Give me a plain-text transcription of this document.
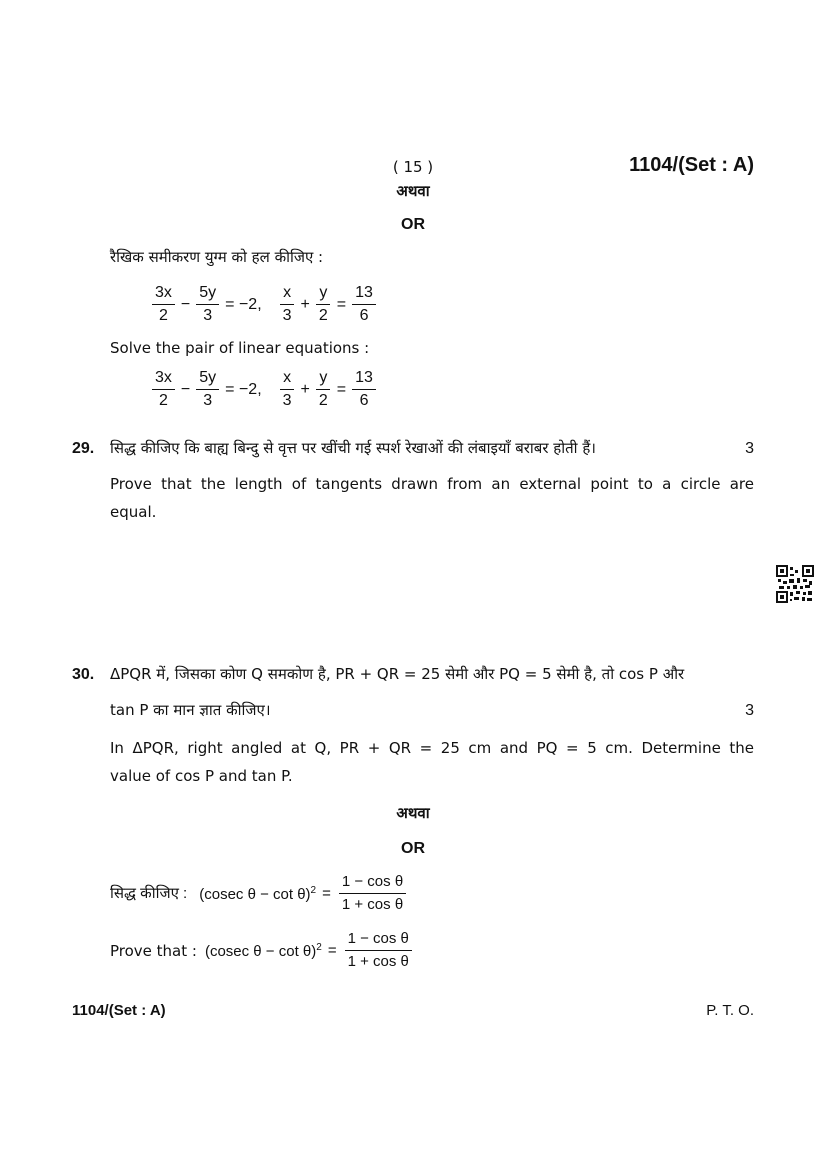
( 15 )	1104/(Set : A)
अथवा
OR
रैखिक समीकरण युग्म को हल कीजिए :
$\frac{3x}{2} - \frac{5y}{3} = -2$, $\frac{x}{3} + \frac{y}{2} = \frac{13}{6}$
Solve the pair of linear equations :
$\frac{3x}{2} - \frac{5y}{3} = -2$, $\frac{x}{3} + \frac{y}{2} = \frac{13}{6}$
29. सिद्ध कीजिए कि बाह्य बिन्दु से वृत्त पर खींची गई स्पर्श रेखाओं की लंबाइयाँ बराबर होती हैं।	3
Prove that the length of tangents drawn from an external point to a circle are
equal.
30. ΔPQR में, जिसका कोण Q समकोण है, PR + QR = 25 सेमी और PQ = 5 सेमी है, तो cos P और
tan P का मान ज्ञात कीजिए।	3
In ΔPQR, right angled at Q, PR + QR = 25 cm and PQ = 5 cm. Determine the
value of cos P and tan P.
अथवा
OR
सिद्ध कीजिए : (cosec $\theta - \cot \theta)^2 = \frac{\text{1 − cos θ}}{\text{1 + cos θ}}$
Prove that : (cosec $\theta - \cot \theta)^2 = \frac{\text{1 − cos θ}}{\text{1 + cos θ}}$
1104/(Set : A)	P. T. O.
